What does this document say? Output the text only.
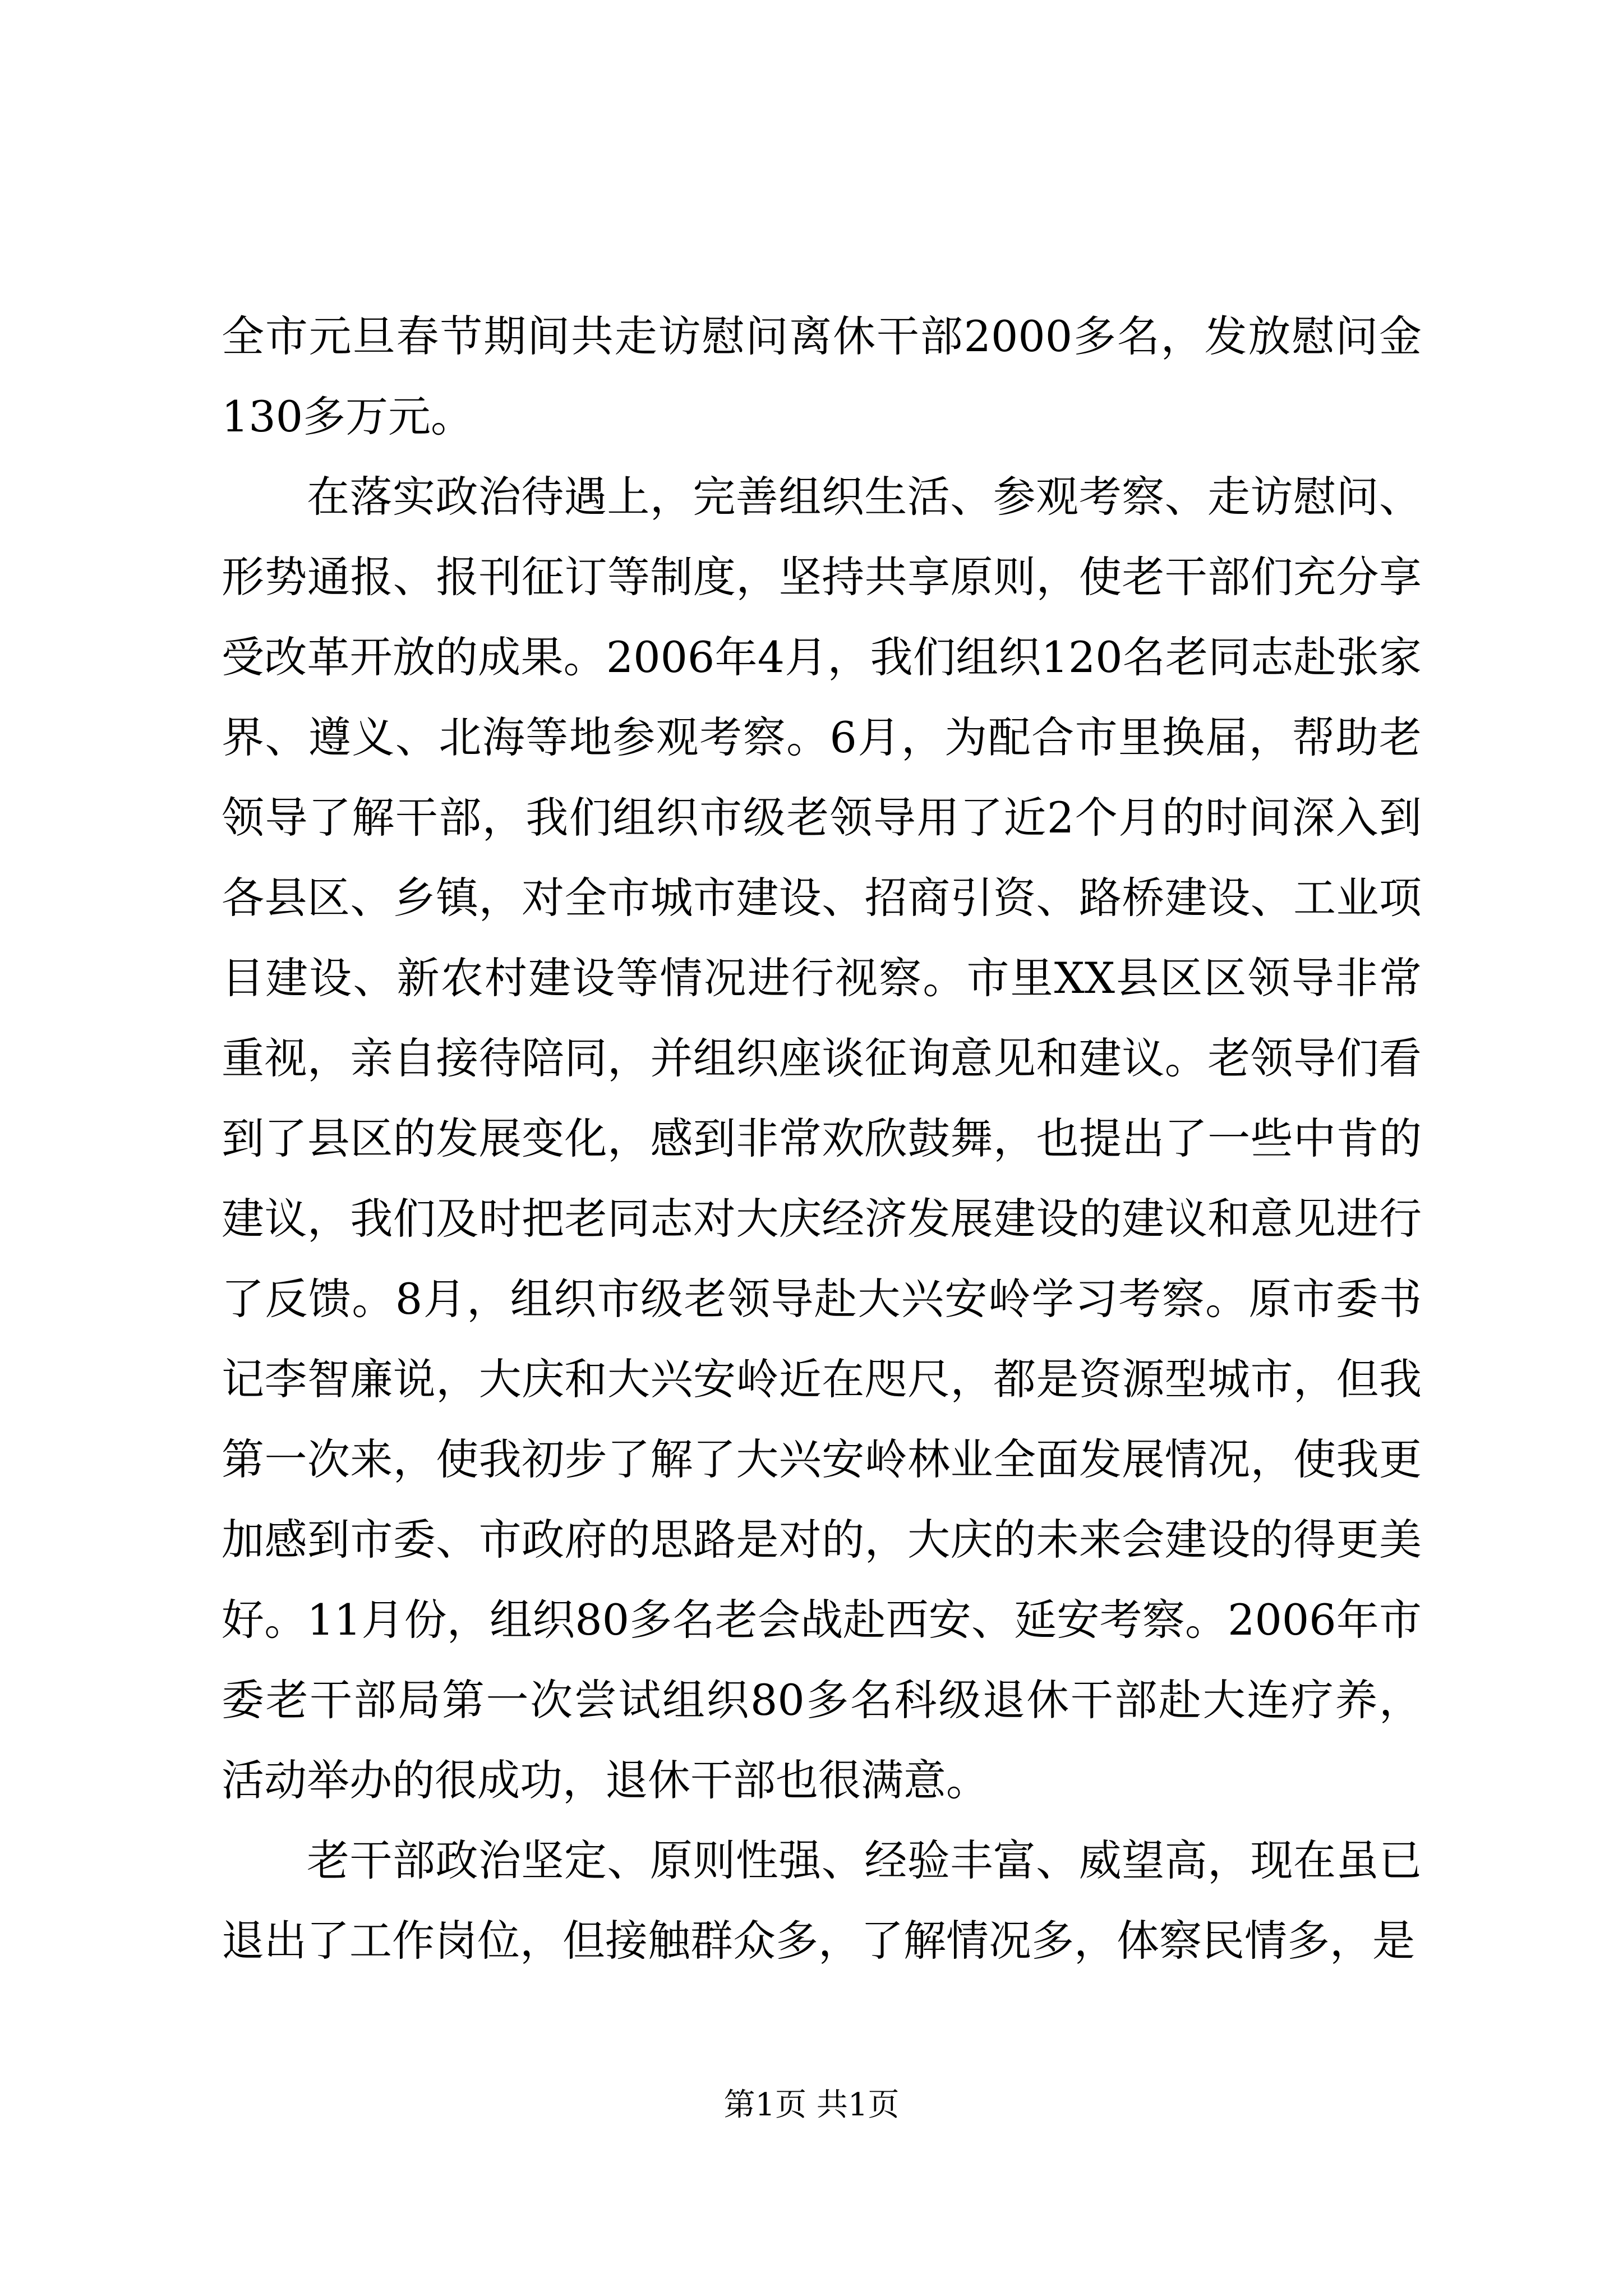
全市元旦春节期间共走访慰问离休干部2000多名，发放慰问金130多万元。

在落实政治待遇上，完善组织生活、参观考察、走访慰问、形势通报、报刊征订等制度，坚持共享原则，使老干部们充分享受改革开放的成果。2006年4月，我们组织120名老同志赴张家界、遵义、北海等地参观考察。6月，为配合市里换届，帮助老领导了解干部，我们组织市级老领导用了近2个月的时间深入到各县区、乡镇，对全市城市建设、招商引资、路桥建设、工业项目建设、新农村建设等情况进行视察。市里XX县区区领导非常重视，亲自接待陪同，并组织座谈征询意见和建议。老领导们看到了县区的发展变化，感到非常欢欣鼓舞，也提出了一些中肯的建议，我们及时把老同志对大庆经济发展建设的建议和意见进行了反馈。8月，组织市级老领导赴大兴安岭学习考察。原市委书记李智廉说，大庆和大兴安岭近在咫尺，都是资源型城市，但我第一次来，使我初步了解了大兴安岭林业全面发展情况，使我更加感到市委、市政府的思路是对的，大庆的未来会建设的得更美好。11月份，组织80多名老会战赴西安、延安考察。2006年市委老干部局第一次尝试组织80多名科级退休干部赴大连疗养，活动举办的很成功，退休干部也很满意。

老干部政治坚定、原则性强、经验丰富、威望高，现在虽已退出了工作岗位，但接触群众多，了解情况多，体察民情多，是

第1页 共1页
